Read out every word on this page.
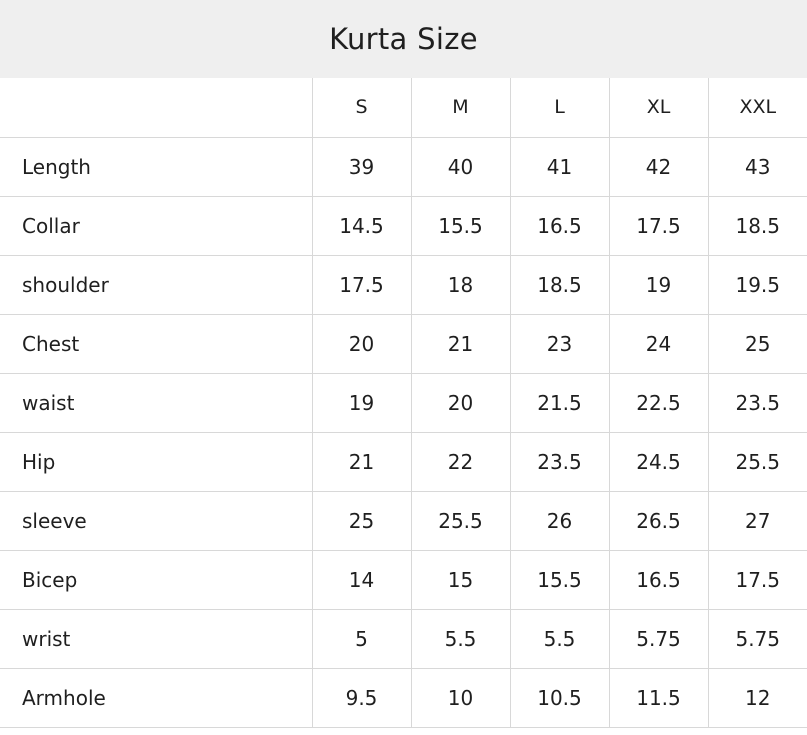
Kurta Size
	S	M	L	XL	XXL
Length	39	40	41	42	43
Collar	14.5	15.5	16.5	17.5	18.5
shoulder	17.5	18	18.5	19	19.5
Chest	20	21	23	24	25
waist	19	20	21.5	22.5	23.5
Hip	21	22	23.5	24.5	25.5
sleeve	25	25.5	26	26.5	27
Bicep	14	15	15.5	16.5	17.5
wrist	5	5.5	5.5	5.75	5.75
Armhole	9.5	10	10.5	11.5	12
